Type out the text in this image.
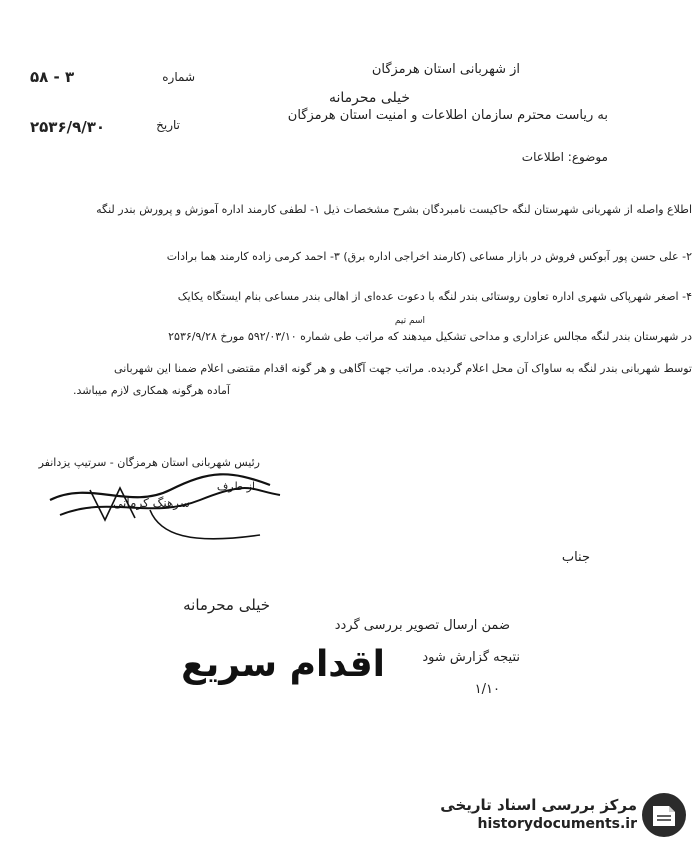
از شهربانی استان هرمزگان
خیلی محرمانه
شماره
۳ - ۵۸
به ریاست محترم سازمان اطلاعات و امنیت استان هرمزگان
تاریخ
۲۵۳۶/۹/۳۰
موضوع: اطلاعات
اطلاع واصله از شهربانی شهرستان لنگه حاکیست نامبردگان بشرح مشخصات ذیل ۱- لطفی کارمند اداره آموزش و پرورش بندر لنگه
۲- علی حسن پور آبوکس فروش در بازار مساعی (کارمند اخراجی اداره برق) ۳- احمد کرمی زاده کارمند هما برادات
۴- اصغر شهرپاکی شهری اداره تعاون روستائی بندر لنگه با دعوت عده‌ای از اهالی بندر مساعی بنام ایستگاه یکایک
اسم تیم
در شهرستان بندر لنگه مجالس عزاداری و مداحی تشکیل میدهند که مراتب طی شماره ۵۹۲/۰۳/۱۰ مورخ ۲۵۳۶/۹/۲۸
توسط شهربانی بندر لنگه به ساواک آن محل اعلام گردیده. مراتب جهت آگاهی و هر گونه اقدام مقتضی اعلام ضمنا این شهربانی
آماده هرگونه همکاری لازم میباشد.
رئیس شهربانی استان هرمزگان - سرتیپ یزدانفر
از طرف
سرهنگ کرمانی
خیلی محرمانه
اقدام سریع
جناب
ضمن ارسال تصویر بررسی گردد
نتیجه گزارش شود
۱/۱۰
مرکز بررسی اسناد تاریخی
historydocuments.ir
